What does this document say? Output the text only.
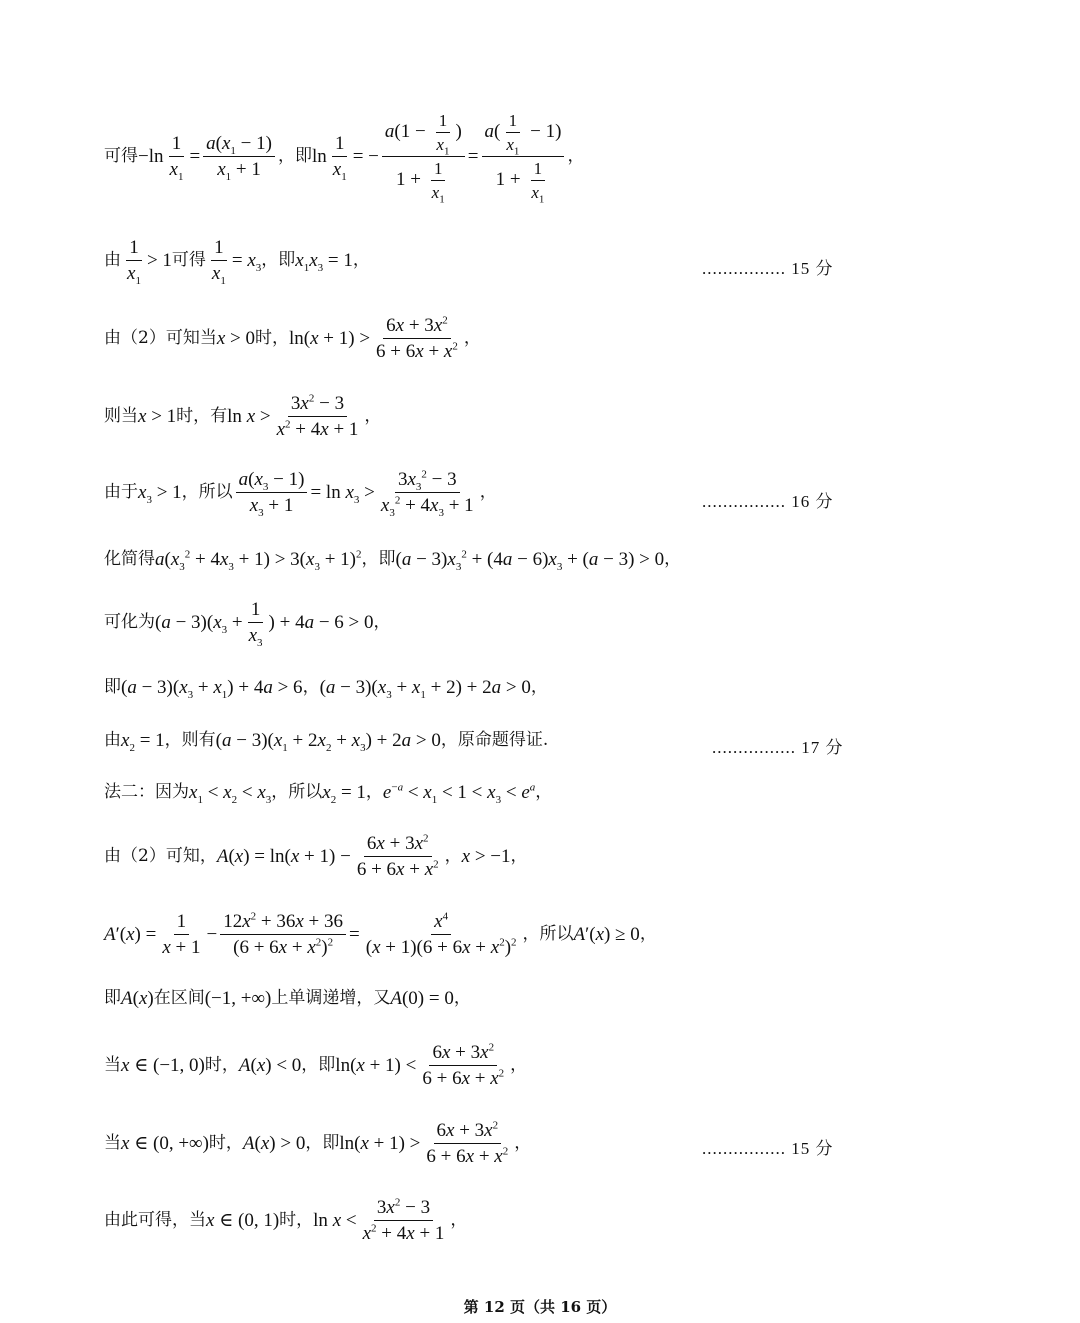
可得 $-\ln \frac{1}{x_1} = \frac{a(x_1 - 1)}{x_1 + 1}$ ，即 $\ln \frac{1}{x_1}$ = − $\frac{a(1 - \frac{1}{x_1} )}{1 + \frac{1}{x_1}} = \frac{a( \frac{1}{x_1} - 1)}{1 + \frac{1}{x_1}}$ ，
由 $\frac{1}{x_1} > 1$ 可得 $\frac{1}{x_1} = x_3$ ，即 $x_1x_3 = 1$ ，	................ 15 分
由（2）可知当 x > 0 时， $\ln(x + 1) > \frac{6x + 3x^2}{6 + 6x + x^2}$ ，
则当 x > 1 时，有 $\ln x > \frac{3x^2 - 3}{x^2 + 4x + 1}$ ，
由于 $x_3 > 1$ ，所以 $\frac{a(x_3 - 1)}{x_3 + 1} = \ln x_3 > \frac{3x_3^2 - 3}{x_3^2 + 4x_3 + 1}$ ，	................ 16 分
化简得 $a(x_3^2 + 4x_3 + 1) > 3(x_3 + 1)^2$ ，即 $(a - 3)x_3^2 + (4a - 6)x_3 + (a - 3) > 0$ ，
可化为 $(a - 3)(x_3 + \frac{1}{x_3}$ ) + 4a − 6 > 0 ，
即 $(a - 3)(x_3 + x_1) + 4a > 6$ ， $(a - 3)(x_3 + x_1 + 2) + 2a > 0$ ，
由 $x_2 = 1$ ，则有 $(a - 3)(x_1 + 2x_2 + x_3) + 2a > 0$ ，原命题得证.	................ 17 分
法二：因为 $x_1 < x_2 < x_3$ ，所以 $x_2 = 1$ ， $e^{-a} < x_1 < 1 < x_3 < e^a$ ，
由（2）可知， $A(x) = \ln(x + 1) - \frac{6x + 3x^2}{6 + 6x + x^2}$ ， x > −1 ，
$A'(x) = \frac{1}{x + 1} - \frac{12x^2 + 36x + 36}{(6 + 6x + x^2)^2} = \frac{x^4}{(x + 1)(6 + 6x + x^2)^2}$ ，所以 A′(x) ≥ 0 ，
即 A(x) 在区间 (−1, +∞) 上单调递增，又 A(0) = 0 ，
当 x ∈ (−1, 0) 时， A(x) < 0 ，即 $\ln(x + 1) < \frac{6x + 3x^2}{6 + 6x + x^2}$ ，
当 x ∈ (0, +∞) 时， A(x) > 0 ，即 $\ln(x + 1) > \frac{6x + 3x^2}{6 + 6x + x^2}$ ，	................ 15 分
由此可得，当 x ∈ (0, 1) 时， $\ln x < \frac{3x^2 - 3}{x^2 + 4x + 1}$ ，
第 12 页（共 16 页）
